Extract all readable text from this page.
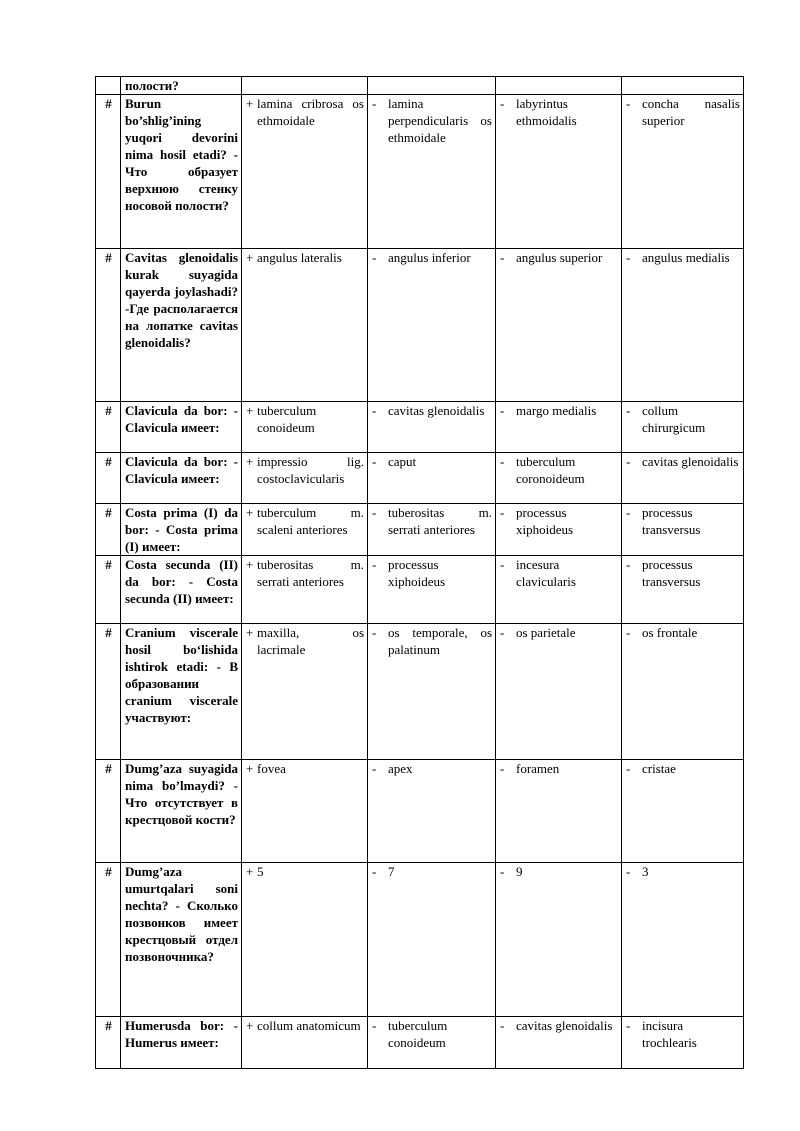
	полости?				
#	Burun bo’shlig’ining yuqori devorini nima hosil etadi? - Что образует верхнюю стенку носовой полости?	+ lamina cribrosa os ethmoidale	- lamina perpendicularis os ethmoidale	- labyrintus ethmoidalis	- concha nasalis superior

#	Cavitas glenoidalis kurak suyagida qayerda joylashadi?-Где располагается на лопатке cavitas glenoidalis?	+ angulus lateralis	- angulus inferior	- angulus superior	- angulus medialis

#	Clavicula da bor: - Clavicula имеет:	+ tuberculum conoideum	- cavitas glenoidalis	- margo medialis	- collum chirurgicum

#	Clavicula da bor: - Clavicula имеет:	+ impressio lig. costoclavicularis	- caput	- tuberculum coronoideum	- cavitas glenoidalis

#	Costa prima (I) da bor: - Costa prima (I) имеет:	+ tuberculum m. scaleni anteriores	- tuberositas m. serrati anteriores	- processus xiphoideus	- processus transversus

#	Costa secunda (II) da bor: - Costa secunda (II) имеет:	+ tuberositas m. serrati anteriores	- processus xiphoideus	- incesura clavicularis	- processus transversus

#	Cranium viscerale hosil bo‘lishida ishtirok etadi: - В образовании cranium viscerale участвуют:	+ maxilla, os lacrimale	- os temporale, os palatinum	- os parietale	- os frontale

#	Dumg’aza suyagida nima bo’lmaydi? - Что отсутствует в крестцовой кости?	+ fovea	- apex	- foramen	- cristae

#	Dumg’aza umurtqalari soni nechta? - Сколько позвонков имеет крестцовый отдел позвоночника?	+ 5	- 7	- 9	- 3

#	Humerusda bor: - Humerus имеет:	+ collum anatomicum	- tuberculum conoideum	- cavitas glenoidalis	- incisura trochlearis
